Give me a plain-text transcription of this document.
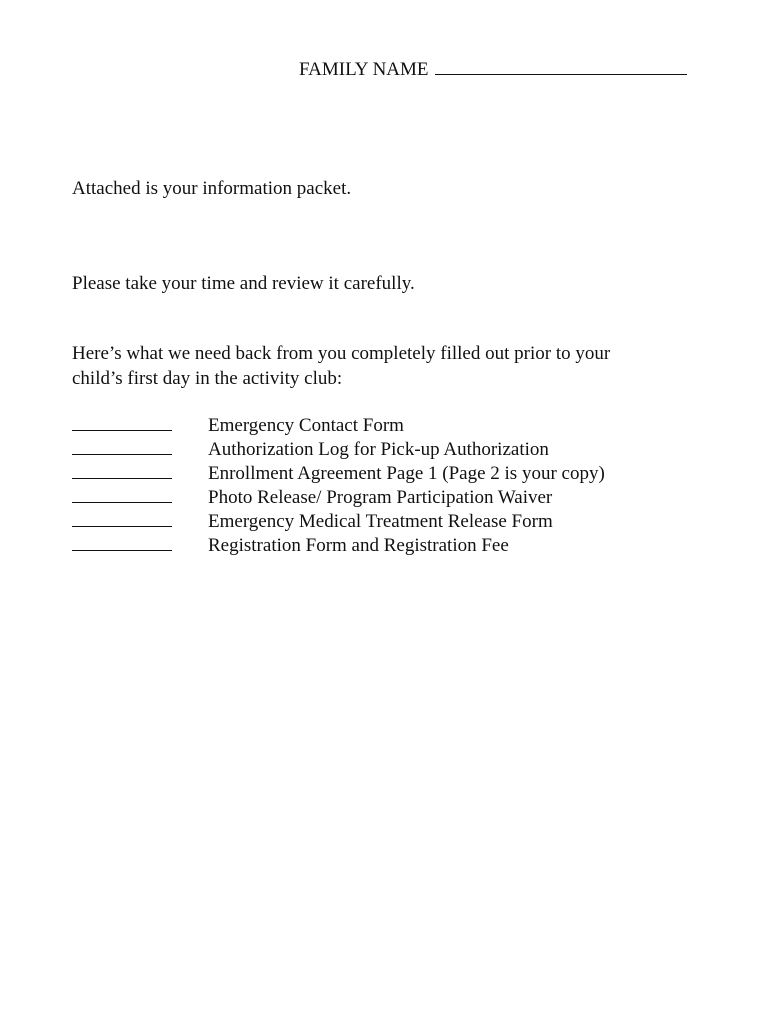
FAMILY NAME
Attached is your information packet.
Please take your time and review it carefully.
Here’s what we need back from you completely filled out prior to your
child’s first day in the activity club:
Emergency Contact Form
Authorization Log for Pick-up Authorization
Enrollment Agreement Page 1 (Page 2 is your copy)
Photo Release/ Program Participation Waiver
Emergency Medical Treatment Release Form
Registration Form and Registration Fee
